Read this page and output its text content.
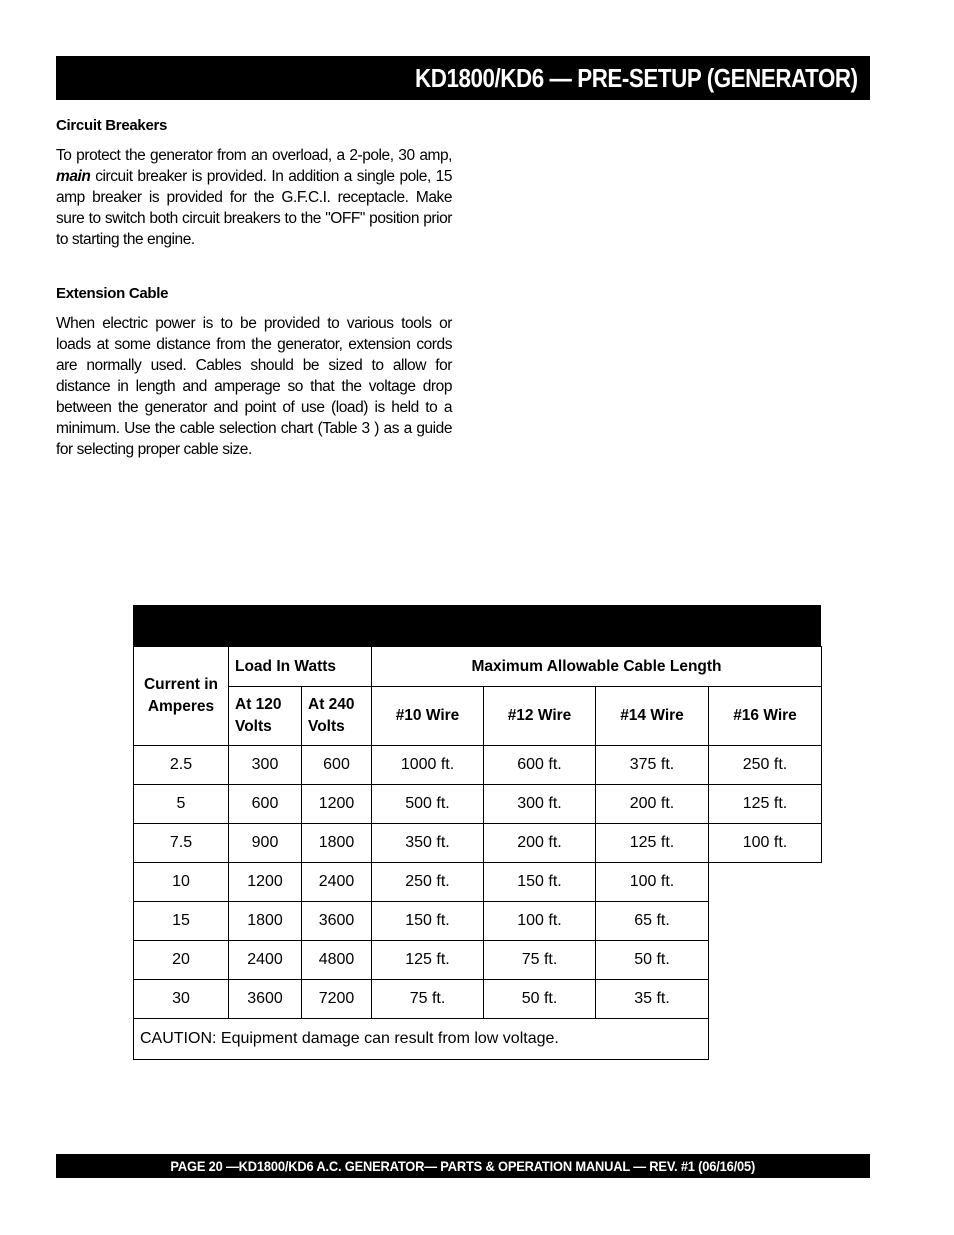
KD1800/KD6 — PRE-SETUP (GENERATOR)
Circuit Breakers

To protect the generator from an overload, a 2-pole, 30 amp, main circuit breaker is provided. In addition a single pole, 15 amp breaker is provided for the G.F.C.I. receptacle. Make sure to switch both circuit breakers to the "OFF" position prior to starting the engine.

Extension Cable

When electric power is to be provided to various tools or loads at some distance from the generator, extension cords are normally used. Cables should be sized to allow for distance in length and amperage so that the voltage drop between the generator and point of use (load) is held to a minimum. Use the cable selection chart (Table 3 ) as a guide for selecting proper cable size.

Current in Amperes	Load In Watts		Maximum Allowable Cable Length			
	At 120 Volts	At 240 Volts	#10 Wire	#12 Wire	#14 Wire	#16 Wire
2.5	300	600	1000 ft.	600 ft.	375 ft.	250 ft.
5	600	1200	500 ft.	300 ft.	200 ft.	125 ft.
7.5	900	1800	350 ft.	200 ft.	125 ft.	100 ft.
10	1200	2400	250 ft.	150 ft.	100 ft.	
15	1800	3600	150 ft.	100 ft.	65 ft.	
20	2400	4800	125 ft.	75 ft.	50 ft.	
30	3600	7200	75 ft.	50 ft.	35 ft.	
CAUTION: Equipment damage can result from low voltage.						
PAGE 20 —KD1800/KD6 A.C. GENERATOR— PARTS & OPERATION MANUAL — REV. #1 (06/16/05)
